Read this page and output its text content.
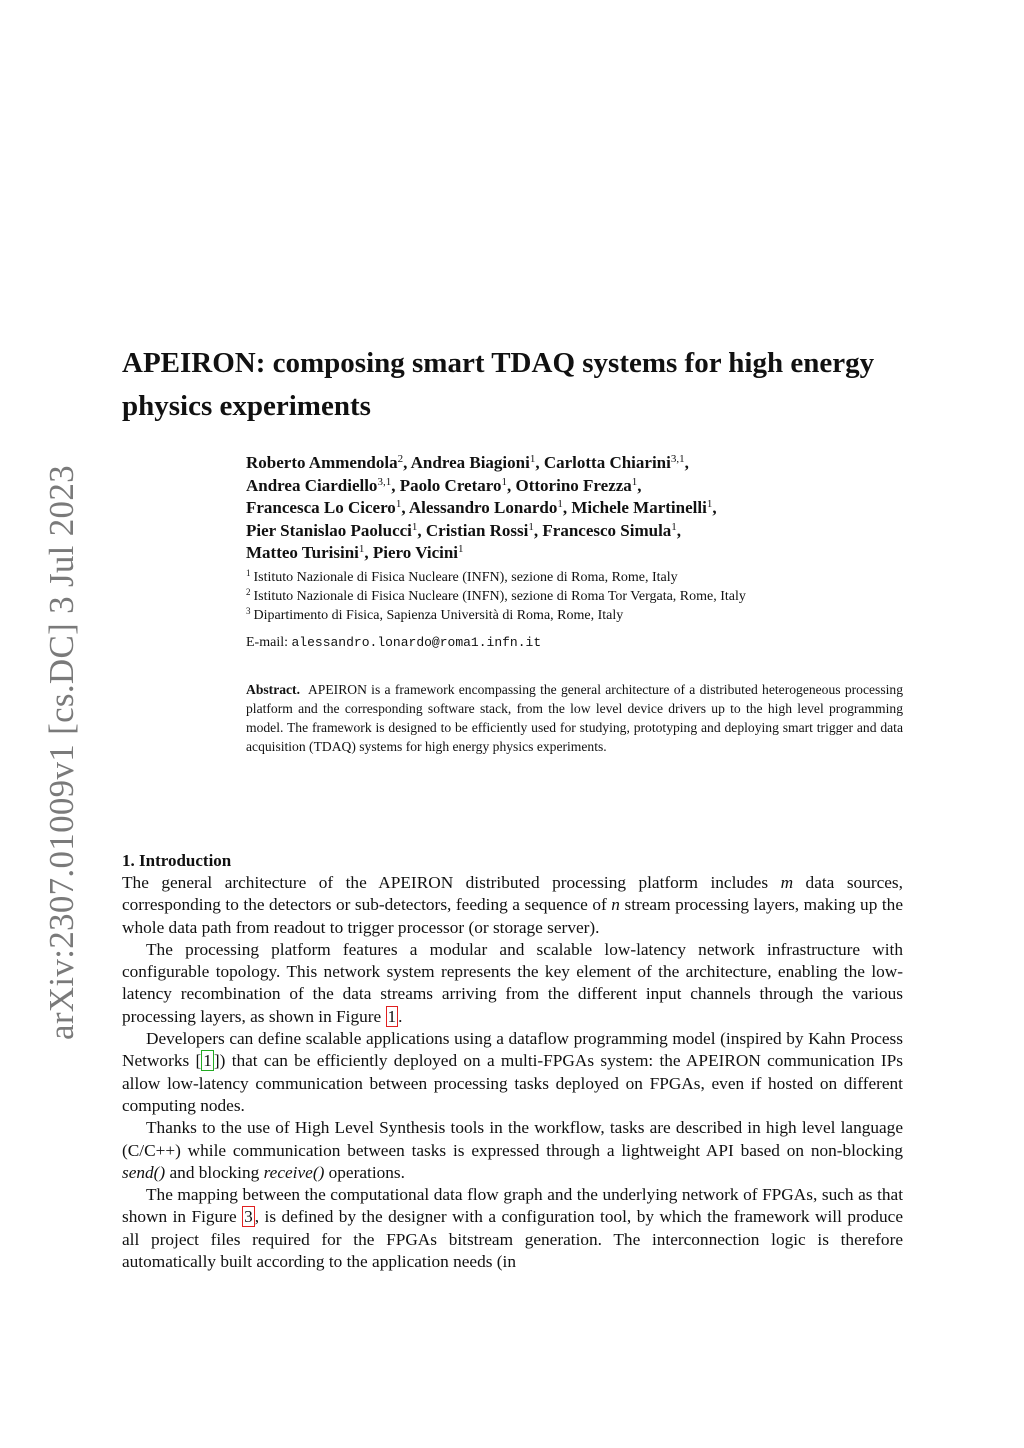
arXiv:2307.01009v1 [cs.DC] 3 Jul 2023
APEIRON: composing smart TDAQ systems for high energy physics experiments

Roberto Ammendola$^2$, Andrea Biagioni$^1$, Carlotta Chiarini$^{3,1}$,
Andrea Ciardiello$^{3,1}$, Paolo Cretaro$^1$, Ottorino Frezza$^1$,
Francesca Lo Cicero$^1$, Alessandro Lonardo$^1$, Michele Martinelli$^1$,
Pier Stanislao Paolucci$^1$, Cristian Rossi$^1$, Francesco Simula$^1$,
Matteo Turisini$^1$, Piero Vicini$^1$

$^1$ Istituto Nazionale di Fisica Nucleare (INFN), sezione di Roma, Rome, Italy
$^2$ Istituto Nazionale di Fisica Nucleare (INFN), sezione di Roma Tor Vergata, Rome, Italy
$^3$ Dipartimento di Fisica, Sapienza Università di Roma, Rome, Italy
E-mail: alessandro.lonardo@roma1.infn.it

Abstract. APEIRON is a framework encompassing the general architecture of a distributed heterogeneous processing platform and the corresponding software stack, from the low level device drivers up to the high level programming model. The framework is designed to be efficiently used for studying, prototyping and deploying smart trigger and data acquisition (TDAQ) systems for high energy physics experiments.

1. Introduction

The general architecture of the APEIRON distributed processing platform includes m data sources, corresponding to the detectors or sub-detectors, feeding a sequence of n stream processing layers, making up the whole data path from readout to trigger processor (or storage server).

The processing platform features a modular and scalable low-latency network infrastructure with configurable topology. This network system represents the key element of the architecture, enabling the low-latency recombination of the data streams arriving from the different input channels through the various processing layers, as shown in Figure 1 .

Developers can define scalable applications using a dataflow programming model (inspired by Kahn Process Networks [ 1 ]) that can be efficiently deployed on a multi-FPGAs system: the APEIRON communication IPs allow low-latency communication between processing tasks deployed on FPGAs, even if hosted on different computing nodes.

Thanks to the use of High Level Synthesis tools in the workflow, tasks are described in high level language (C/C++) while communication between tasks is expressed through a lightweight API based on non-blocking send() and blocking receive() operations.

The mapping between the computational data flow graph and the underlying network of FPGAs, such as that shown in Figure 3 , is defined by the designer with a configuration tool, by which the framework will produce all project files required for the FPGAs bitstream generation. The interconnection logic is therefore automatically built according to the application needs (in
